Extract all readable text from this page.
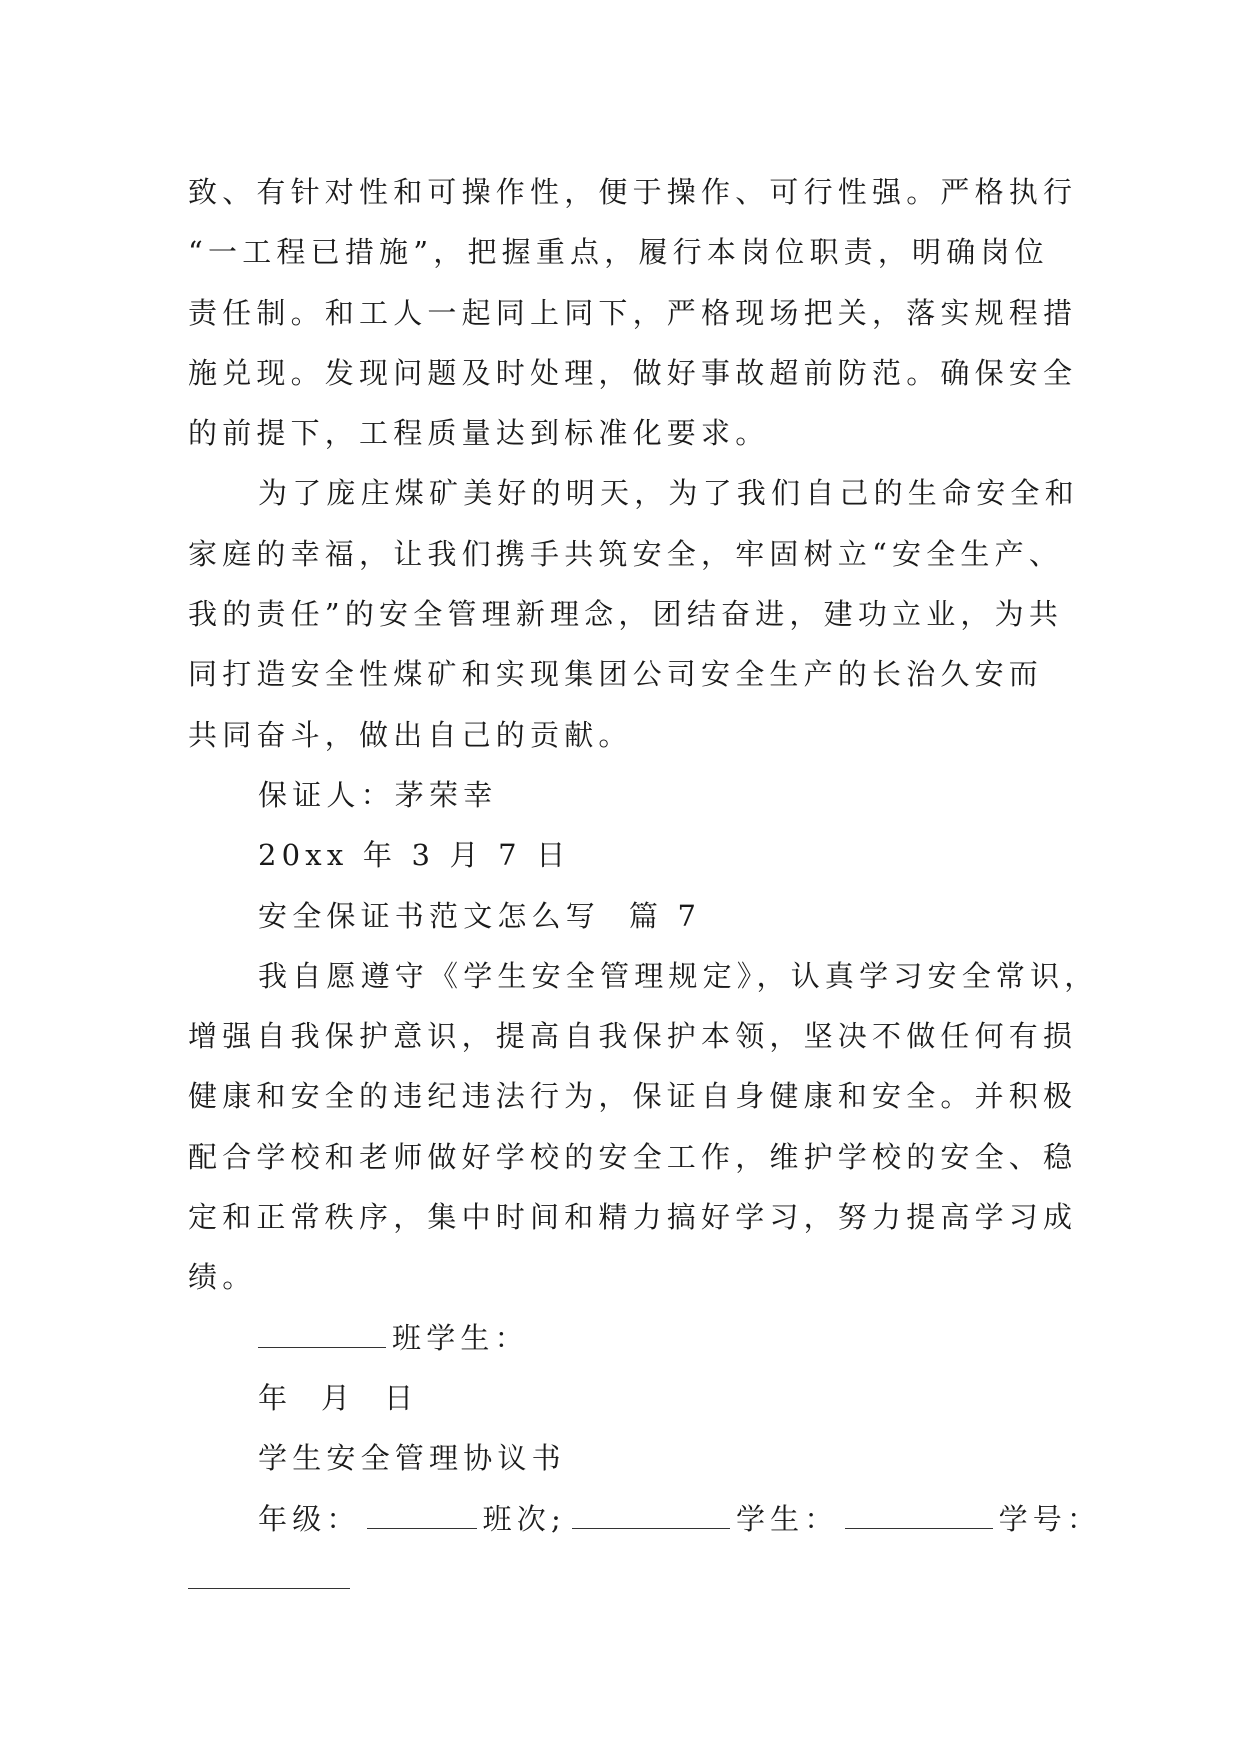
致、有针对性和可操作性，便于操作、可行性强。严格执行
“一工程已措施”，把握重点，履行本岗位职责，明确岗位
责任制。和工人一起同上同下，严格现场把关，落实规程措
施兑现。发现问题及时处理，做好事故超前防范。确保安全
的前提下，工程质量达到标准化要求。
为了庞庄煤矿美好的明天，为了我们自己的生命安全和
家庭的幸福，让我们携手共筑安全，牢固树立“安全生产、
我的责任”的安全管理新理念，团结奋进，建功立业，为共
同打造安全性煤矿和实现集团公司安全生产的长治久安而
共同奋斗，做出自己的贡献。
保证人：茅荣幸
20xx 年 3 月 7 日
安全保证书范文怎么写  篇 7
我自愿遵守《学生安全管理规定》，认真学习安全常识，
增强自我保护意识，提高自我保护本领，坚决不做任何有损
健康和安全的违纪违法行为，保证自身健康和安全。并积极
配合学校和老师做好学校的安全工作，维护学校的安全、稳
定和正常秩序，集中时间和精力搞好学习，努力提高学习成
绩。
班学生：
年  月  日
学生安全管理协议书
年级：	班次;	学生：	学号：
